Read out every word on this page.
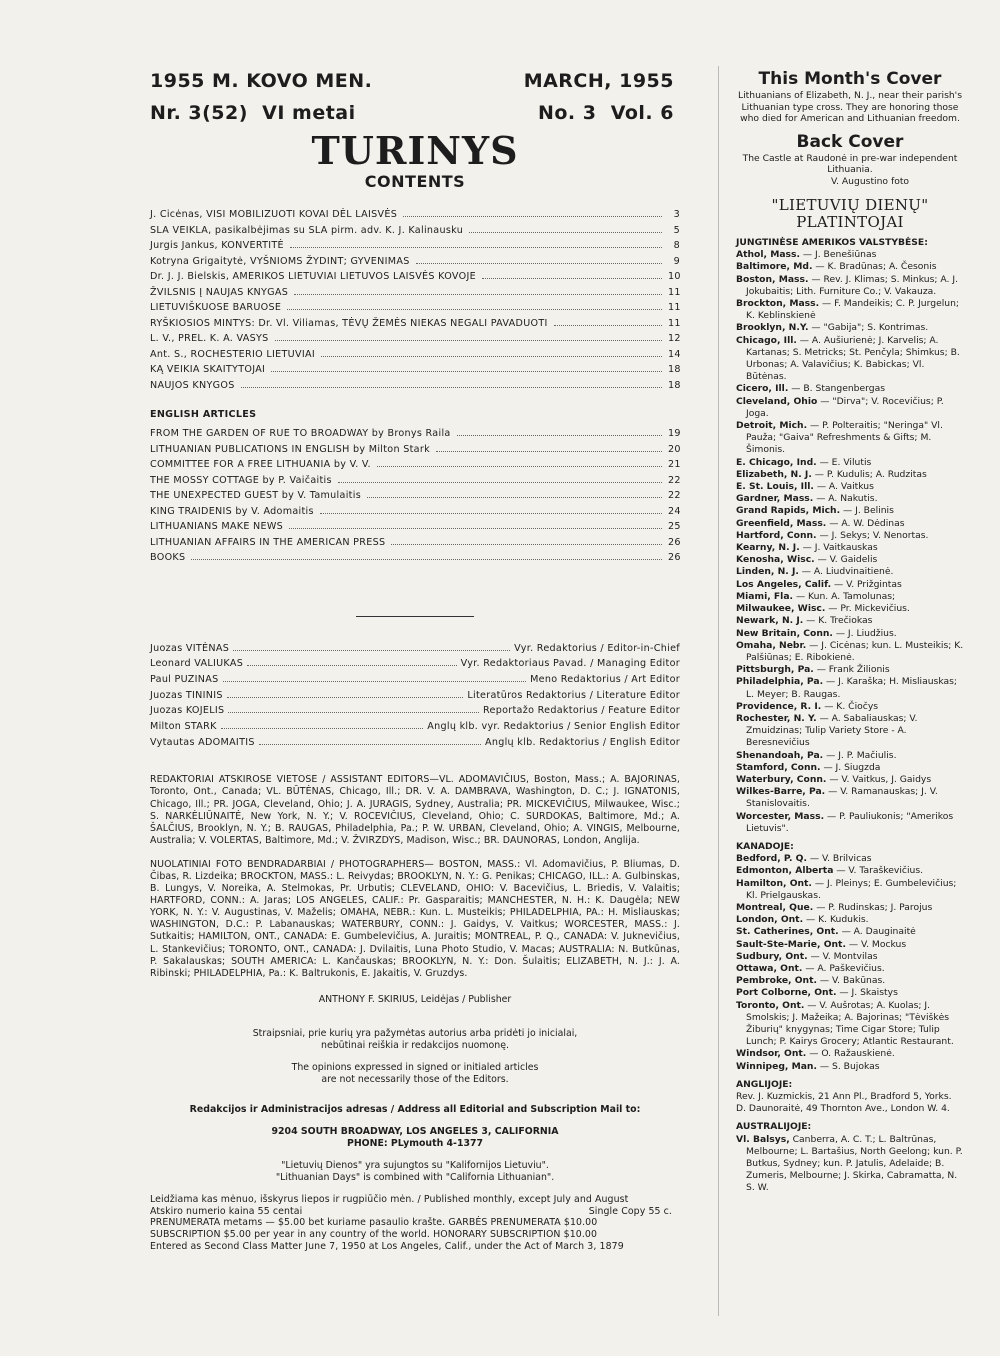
1955 M. KOVO MEN.	MARCH, 1955
Nr. 3(52)  VI metai	No. 3  Vol. 6
TURINYS
CONTENTS
J. Cicėnas, VISI MOBILIZUOTI KOVAI DĖL LAISVĖS	3
SLA VEIKLA, pasikalbėjimas su SLA pirm. adv. K. J. Kalinausku	5
Jurgis Jankus, KONVERTITĖ	8
Kotryna Grigaitytė, VYŠNIOMS ŽYDINT; GYVENIMAS	9
Dr. J. J. Bielskis, AMERIKOS LIETUVIAI LIETUVOS LAISVĖS KOVOJE	10
ŽVILSNIS Į NAUJAS KNYGAS	11
LIETUVIŠKUOSE BARUOSE	11
RYŠKIOSIOS MINTYS: Dr. Vl. Viliamas, TĖVŲ ŽEMĖS NIEKAS NEGALI PAVADUOTI	11
L. V., PREL. K. A. VASYS	12
Ant. S., ROCHESTERIO LIETUVIAI	14
KĄ VEIKIA SKAITYTOJAI	18
NAUJOS KNYGOS	18
ENGLISH ARTICLES
FROM THE GARDEN OF RUE TO BROADWAY by Bronys Raila	19
LITHUANIAN PUBLICATIONS IN ENGLISH by Milton Stark	20
COMMITTEE FOR A FREE LITHUANIA by V. V.	21
THE MOSSY COTTAGE by P. Vaičaitis	22
THE UNEXPECTED GUEST by V. Tamulaitis	22
KING TRAIDENIS by V. Adomaitis	24
LITHUANIANS MAKE NEWS	25
LITHUANIAN AFFAIRS IN THE AMERICAN PRESS	26
BOOKS	26
Juozas VITĖNAS	Vyr. Redaktorius / Editor-in-Chief
Leonard VALIUKAS	Vyr. Redaktoriaus Pavad. / Managing Editor
Paul PUZINAS	Meno Redaktorius / Art Editor
Juozas TININIS	Literatūros Redaktorius / Literature Editor
Juozas KOJELIS	Reportažo Redaktorius / Feature Editor
Milton STARK	Anglų klb. vyr. Redaktorius / Senior English Editor
Vytautas ADOMAITIS	Anglų klb. Redaktorius / English Editor
REDAKTORIAI ATSKIROSE VIETOSE / ASSISTANT EDITORS—VL. ADOMAVIČIUS, Boston, Mass.; A. BAJORINAS, Toronto, Ont., Canada; VL. BŪTĖNAS, Chicago, Ill.; DR. V. A. DAMBRAVA, Washington, D. C.; J. IGNATONIS, Chicago, Ill.; PR. JOGA, Cleveland, Ohio; J. A. JURAGIS, Sydney, Australia; PR. MICKEVIČIUS, Milwaukee, Wisc.; S. NARKĖLIŪNAITĖ, New York, N. Y.; V. ROCEVIČIUS, Cleveland, Ohio; C. SURDOKAS, Baltimore, Md.; A. ŠALČIUS, Brooklyn, N. Y.; B. RAUGAS, Philadelphia, Pa.; P. W. URBAN, Cleveland, Ohio; A. VINGIS, Melbourne, Australia; V. VOLERTAS, Baltimore, Md.; V. ŽVIRZDYS, Madison, Wisc.; BR. DAUNORAS, London, Anglija.
NUOLATINIAI FOTO BENDRADARBIAI / PHOTOGRAPHERS— BOSTON, MASS.: Vl. Adomavičius, P. Bliumas, D. Čibas, R. Lizdeika; BROCKTON, MASS.: L. Reivydas; BROOKLYN, N. Y.: G. Penikas; CHICAGO, ILL.: A. Gulbinskas, B. Lungys, V. Noreika, A. Stelmokas, Pr. Urbutis; CLEVELAND, OHIO: V. Bacevičius, L. Briedis, V. Valaitis; HARTFORD, CONN.: A. Jaras; LOS ANGELES, CALIF.: Pr. Gasparaitis; MANCHESTER, N. H.: K. Daugėla; NEW YORK, N. Y.: V. Augustinas, V. Maželis; OMAHA, NEBR.: Kun. L. Musteikis; PHILADELPHIA, PA.: H. Misliauskas; WASHINGTON, D.C.: P. Labanauskas; WATERBURY, CONN.: J. Gaidys, V. Vaitkus; WORCESTER, MASS.: J. Sutkaitis; HAMILTON, ONT., CANADA: E. Gumbelevičius, A. Juraitis; MONTREAL, P. Q., CANADA: V. Juknevičius, L. Stankevičius; TORONTO, ONT., CANADA: J. Dvilaitis, Luna Photo Studio, V. Macas; AUSTRALIA: N. Butkūnas, P. Sakalauskas; SOUTH AMERICA: L. Kančauskas; BROOKLYN, N. Y.: Don. Šulaitis; ELIZABETH, N. J.: J. A. Ribinski; PHILADELPHIA, Pa.: K. Baltrukonis, E. Jakaitis, V. Gruzdys.
ANTHONY F. SKIRIUS, Leidėjas / Publisher
Straipsniai, prie kurių yra pažymėtas autorius arba pridėti jo inicialai,
nebūtinai reiškia ir redakcijos nuomonę.
The opinions expressed in signed or initialed articles
are not necessarily those of the Editors.
Redakcijos ir Administracijos adresas / Address all Editorial and Subscription Mail to:
9204 SOUTH BROADWAY, LOS ANGELES 3, CALIFORNIA
PHONE: PLymouth 4-1377
"Lietuvių Dienos" yra sujungtos su "Kalifornijos Lietuviu".
"Lithuanian Days" is combined with "California Lithuanian".
Leidžiama kas mėnuo, išskyrus liepos ir rugpiūčio mėn. / Published monthly, except July and August
Atskiro numerio kaina 55 centai	Single Copy 55 c.
PRENUMERATA metams — $5.00 bet kuriame pasaulio krašte. GARBĖS PRENUMERATA $10.00
SUBSCRIPTION $5.00 per year in any country of the world. HONORARY SUBSCRIPTION $10.00
Entered as Second Class Matter June 7, 1950 at Los Angeles, Calif., under the Act of March 3, 1879
This Month's Cover
Lithuanians of Elizabeth, N. J., near their parish's Lithuanian type cross. They are honoring those who died for American and Lithuanian freedom.
Back Cover
The Castle at Raudonė in pre-war independent Lithuania.
V. Augustino foto
"LIETUVIŲ DIENŲ"
PLATINTOJAI
JUNGTINĖSE AMERIKOS VALSTYBĖSE:
Athol, Mass. — J. Benešiūnas
Baltimore, Md. — K. Bradūnas; A. Česonis
Boston, Mass. — Rev. J. Klimas; S. Minkus; A. J. Jokubaitis; Lith. Furniture Co.; V. Vakauza.
Brockton, Mass. — F. Mandeikis; C. P. Jurgelun; K. Keblinskienė
Brooklyn, N.Y. — "Gabija"; S. Kontrimas.
Chicago, Ill. — A. Aušiurienė; J. Karvelis; A. Kartanas; S. Metricks; St. Penčyla; Shimkus; B. Urbonas; A. Valavičius; K. Babickas; Vl. Būtėnas.
Cicero, Ill. — B. Stangenbergas
Cleveland, Ohio — "Dirva"; V. Rocevičius; P. Joga.
Detroit, Mich. — P. Polteraitis; "Neringa" Vl. Pauža; "Gaiva" Refreshments & Gifts; M. Šimonis.
E. Chicago, Ind. — E. Vilutis
Elizabeth, N. J. — P. Kudulis; A. Rudzitas
E. St. Louis, Ill. — A. Vaitkus
Gardner, Mass. — A. Nakutis.
Grand Rapids, Mich. — J. Belinis
Greenfield, Mass. — A. W. Dėdinas
Hartford, Conn. — J. Sekys; V. Nenortas.
Kearny, N. J. — J. Vaitkauskas
Kenosha, Wisc. — V. Gaidelis
Linden, N. J. — A. Liudvinaitienė.
Los Angeles, Calif. — V. Prižgintas
Miami, Fla. — Kun. A. Tamolunas;
Milwaukee, Wisc. — Pr. Mickevičius.
Newark, N. J. — K. Trečiokas
New Britain, Conn. — J. Liudžius.
Omaha, Nebr. — J. Cicėnas; kun. L. Musteikis; K. Palšiūnas; E. Ribokienė.
Pittsburgh, Pa. — Frank Žilionis
Philadelphia, Pa. — J. Karaška; H. Misliauskas; L. Meyer; B. Raugas.
Providence, R. I. — K. Čiočys
Rochester, N. Y. — A. Sabaliauskas; V. Zmuidzinas; Tulip Variety Store - A. Beresnevičius
Shenandoah, Pa. — J. P. Mačiulis.
Stamford, Conn. — J. Siugzda
Waterbury, Conn. — V. Vaitkus, J. Gaidys
Wilkes-Barre, Pa. — V. Ramanauskas; J. V. Stanislovaitis.
Worcester, Mass. — P. Pauliukonis; "Amerikos Lietuvis".
KANADOJE:
Bedford, P. Q. — V. Brilvicas
Edmonton, Alberta — V. Taraškevičius.
Hamilton, Ont. — J. Pleinys; E. Gumbelevičius; Kl. Prielgauskas.
Montreal, Que. — P. Rudinskas; J. Parojus
London, Ont. — K. Kudukis.
St. Catherines, Ont. — A. Dauginaitė
Sault-Ste-Marie, Ont. — V. Mockus
Sudbury, Ont. — V. Montvilas
Ottawa, Ont. — A. Paškevičius.
Pembroke, Ont. — V. Bakūnas.
Port Colborne, Ont. — J. Skaistys
Toronto, Ont. — V. Aušrotas; A. Kuolas; J. Smolskis; J. Mažeika; A. Bajorinas; "Tėviškės Žiburių" knygynas; Time Cigar Store; Tulip Lunch; P. Kairys Grocery; Atlantic Restaurant.
Windsor, Ont. — O. Ražauskienė.
Winnipeg, Man. — S. Bujokas
ANGLIJOJE:
Rev. J. Kuzmickis, 21 Ann Pl., Bradford 5, Yorks.
D. Daunoraitė, 49 Thornton Ave., London W. 4.
AUSTRALIJOJE:
Vl. Balsys, Canberra, A. C. T.; L. Baltrūnas, Melbourne; L. Bartašius, North Geelong; kun. P. Butkus, Sydney; kun. P. Jatulis, Adelaide; B. Zumeris, Melbourne; J. Skirka, Cabramatta, N. S. W.
